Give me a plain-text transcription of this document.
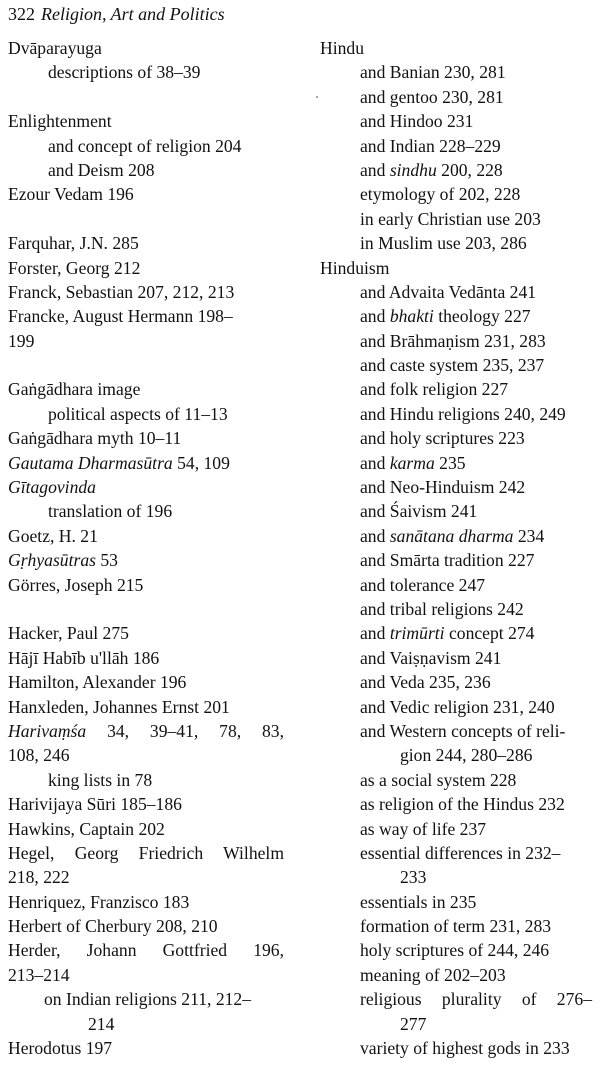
322 Religion, Art and Politics
Dvāparayuga
descriptions of 38–39
Enlightenment
and concept of religion 204
and Deism 208
Ezour Vedam 196
Farquhar, J.N. 285
Forster, Georg 212
Franck, Sebastian 207, 212, 213
Francke, August Hermann 198–
199
Gaṅgādhara image
political aspects of 11–13
Gaṅgādhara myth 10–11
Gautama Dharmasūtra 54, 109
Gītagovinda
translation of 196
Goetz, H. 21
Gṛhyasūtras 53
Görres, Joseph 215
Hacker, Paul 275
Hājī Habīb u'llāh 186
Hamilton, Alexander 196
Hanxleden, Johannes Ernst 201
Harivaṃśa 34, 39–41, 78, 83,
108, 246
king lists in 78
Harivijaya Sūri 185–186
Hawkins, Captain 202
Hegel, Georg Friedrich Wilhelm
218, 222
Henriquez, Franzisco 183
Herbert of Cherbury 208, 210
Herder, Johann Gottfried 196,
213–214
on Indian religions 211, 212–
214
Herodotus 197
Hindu
and Banian 230, 281
and gentoo 230, 281
and Hindoo 231
and Indian 228–229
and sindhu 200, 228
etymology of 202, 228
in early Christian use 203
in Muslim use 203, 286
Hinduism
and Advaita Vedānta 241
and bhakti theology 227
and Brāhmaṇism 231, 283
and caste system 235, 237
and folk religion 227
and Hindu religions 240, 249
and holy scriptures 223
and karma 235
and Neo-Hinduism 242
and Śaivism 241
and sanātana dharma 234
and Smārta tradition 227
and tolerance 247
and tribal religions 242
and trimūrti concept 274
and Vaiṣṇavism 241
and Veda 235, 236
and Vedic religion 231, 240
and Western concepts of reli-
gion 244, 280–286
as a social system 228
as religion of the Hindus 232
as way of life 237
essential differences in 232–
233
essentials in 235
formation of term 231, 283
holy scriptures of 244, 246
meaning of 202–203
religious plurality of 276–
277
variety of highest gods in 233
